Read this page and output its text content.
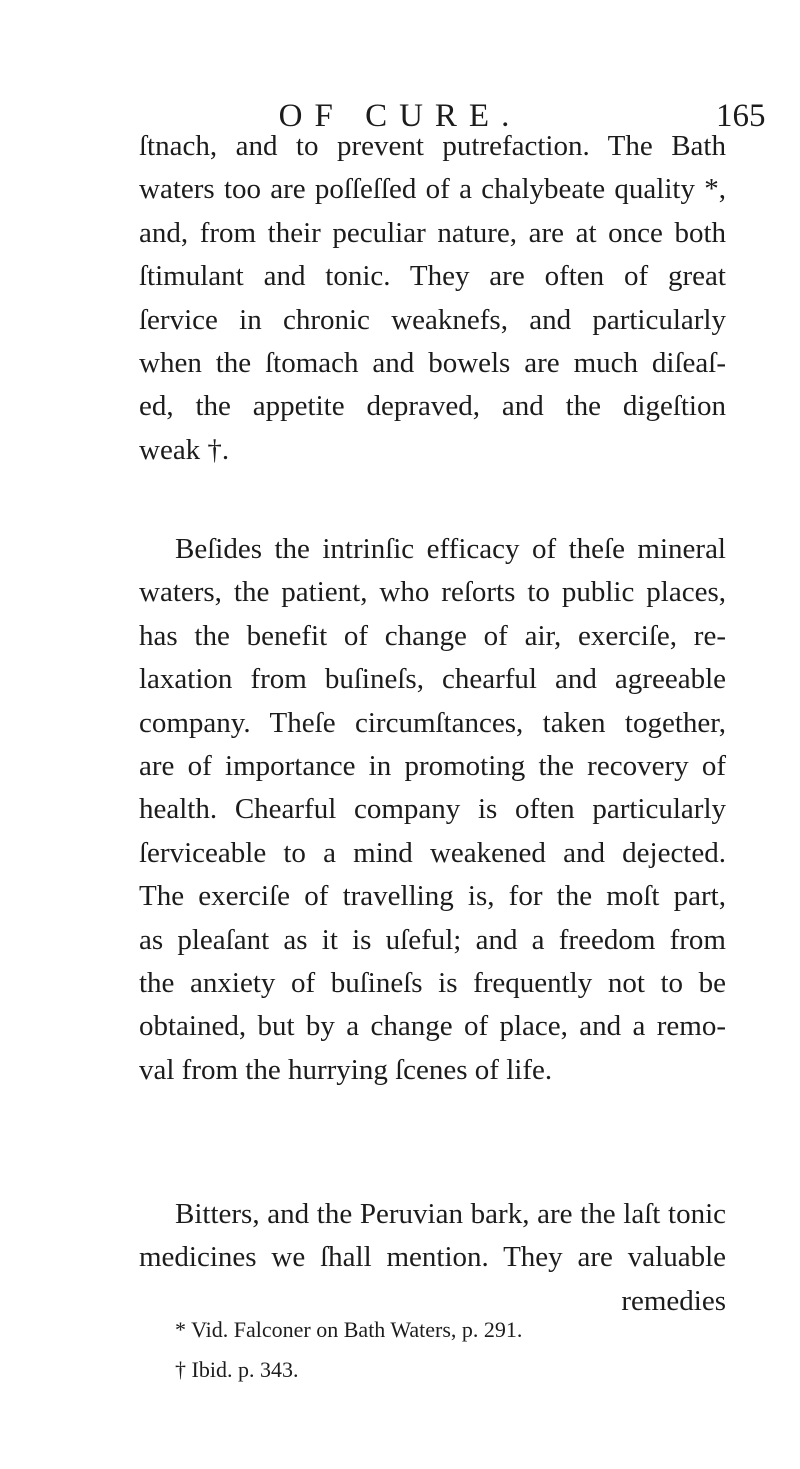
OF CURE.	165
ſtnach, and to prevent putrefaction. The Bath
waters too are poſſeſſed of a chalybeate quality *,
and, from their peculiar nature, are at once both
ſtimulant and tonic. They are often of great
ſervice in chronic weaknefs, and particularly
when the ſtomach and bowels are much diſeaſ-
ed, the appetite depraved, and the digeſtion
weak †.
Beſides the intrinſic efficacy of theſe mineral
waters, the patient, who reſorts to public places,
has the benefit of change of air, exerciſe, re-
laxation from buſineſs, chearful and agreeable
company. Theſe circumſtances, taken together,
are of importance in promoting the recovery of
health. Chearful company is often particularly
ſerviceable to a mind weakened and dejected.
The exerciſe of travelling is, for the moſt part,
as pleaſant as it is uſeful; and a freedom from
the anxiety of buſineſs is frequently not to be
obtained, but by a change of place, and a remo-
val from the hurrying ſcenes of life.
Bitters, and the Peruvian bark, are the laſt tonic
medicines we ſhall mention. They are valuable
remedies
* Vid. Falconer on Bath Waters, p. 291.
† Ibid. p. 343.
